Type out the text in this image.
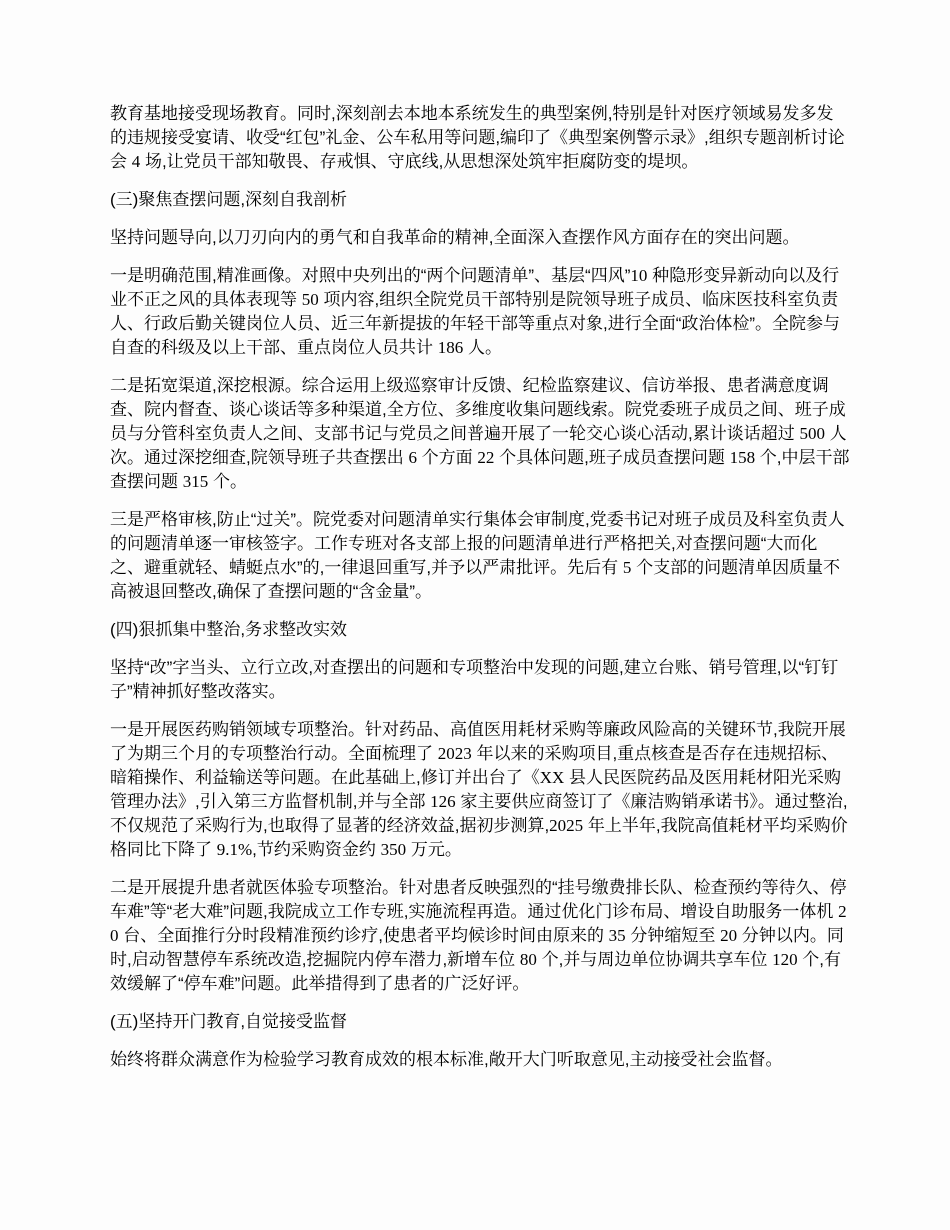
教育基地接受现场教育。同时,深刻剖去本地本系统发生的典型案例,特别是针对医疗领域易发多发的违规接受宴请、收受“红包”礼金、公车私用等问题,编印了《典型案例警示录》,组织专题剖析讨论会 4 场,让党员干部知敬畏、存戒惧、守底线,从思想深处筑牢拒腐防变的堤坝。

(三)聚焦查摆问题,深刻自我剖析

坚持问题导向,以刀刃向内的勇气和自我革命的精神,全面深入查摆作风方面存在的突出问题。

一是明确范围,精准画像。对照中央列出的“两个问题清单”、基层“四风”10 种隐形变异新动向以及行业不正之风的具体表现等 50 项内容,组织全院党员干部特别是院领导班子成员、临床医技科室负责人、行政后勤关键岗位人员、近三年新提拔的年轻干部等重点对象,进行全面“政治体检”。全院参与自查的科级及以上干部、重点岗位人员共计 186 人。

二是拓宽渠道,深挖根源。综合运用上级巡察审计反馈、纪检监察建议、信访举报、患者满意度调查、院内督查、谈心谈话等多种渠道,全方位、多维度收集问题线索。院党委班子成员之间、班子成员与分管科室负责人之间、支部书记与党员之间普遍开展了一轮交心谈心活动,累计谈话超过 500 人次。通过深挖细查,院领导班子共查摆出 6 个方面 22 个具体问题,班子成员查摆问题 158 个,中层干部查摆问题 315 个。

三是严格审核,防止“过关”。院党委对问题清单实行集体会审制度,党委书记对班子成员及科室负责人的问题清单逐一审核签字。工作专班对各支部上报的问题清单进行严格把关,对查摆问题“大而化之、避重就轻、蜻蜓点水”的,一律退回重写,并予以严肃批评。先后有 5 个支部的问题清单因质量不高被退回整改,确保了查摆问题的“含金量”。

(四)狠抓集中整治,务求整改实效

坚持“改”字当头、立行立改,对查摆出的问题和专项整治中发现的问题,建立台账、销号管理,以“钉钉子”精神抓好整改落实。

一是开展医药购销领域专项整治。针对药品、高值医用耗材采购等廉政风险高的关键环节,我院开展了为期三个月的专项整治行动。全面梳理了 2023 年以来的采购项目,重点核查是否存在违规招标、暗箱操作、利益输送等问题。在此基础上,修订并出台了《XX 县人民医院药品及医用耗材阳光采购管理办法》,引入第三方监督机制,并与全部 126 家主要供应商签订了《廉洁购销承诺书》。通过整治,不仅规范了采购行为,也取得了显著的经济效益,据初步测算,2025 年上半年,我院高值耗材平均采购价格同比下降了 9.1%,节约采购资金约 350 万元。

二是开展提升患者就医体验专项整治。针对患者反映强烈的“挂号缴费排长队、检查预约等待久、停车难”等“老大难”问题,我院成立工作专班,实施流程再造。通过优化门诊布局、增设自助服务一体机 20 台、全面推行分时段精准预约诊疗,使患者平均候诊时间由原来的 35 分钟缩短至 20 分钟以内。同时,启动智慧停车系统改造,挖掘院内停车潜力,新增车位 80 个,并与周边单位协调共享车位 120 个,有效缓解了“停车难”问题。此举措得到了患者的广泛好评。

(五)坚持开门教育,自觉接受监督

始终将群众满意作为检验学习教育成效的根本标准,敞开大门听取意见,主动接受社会监督。
